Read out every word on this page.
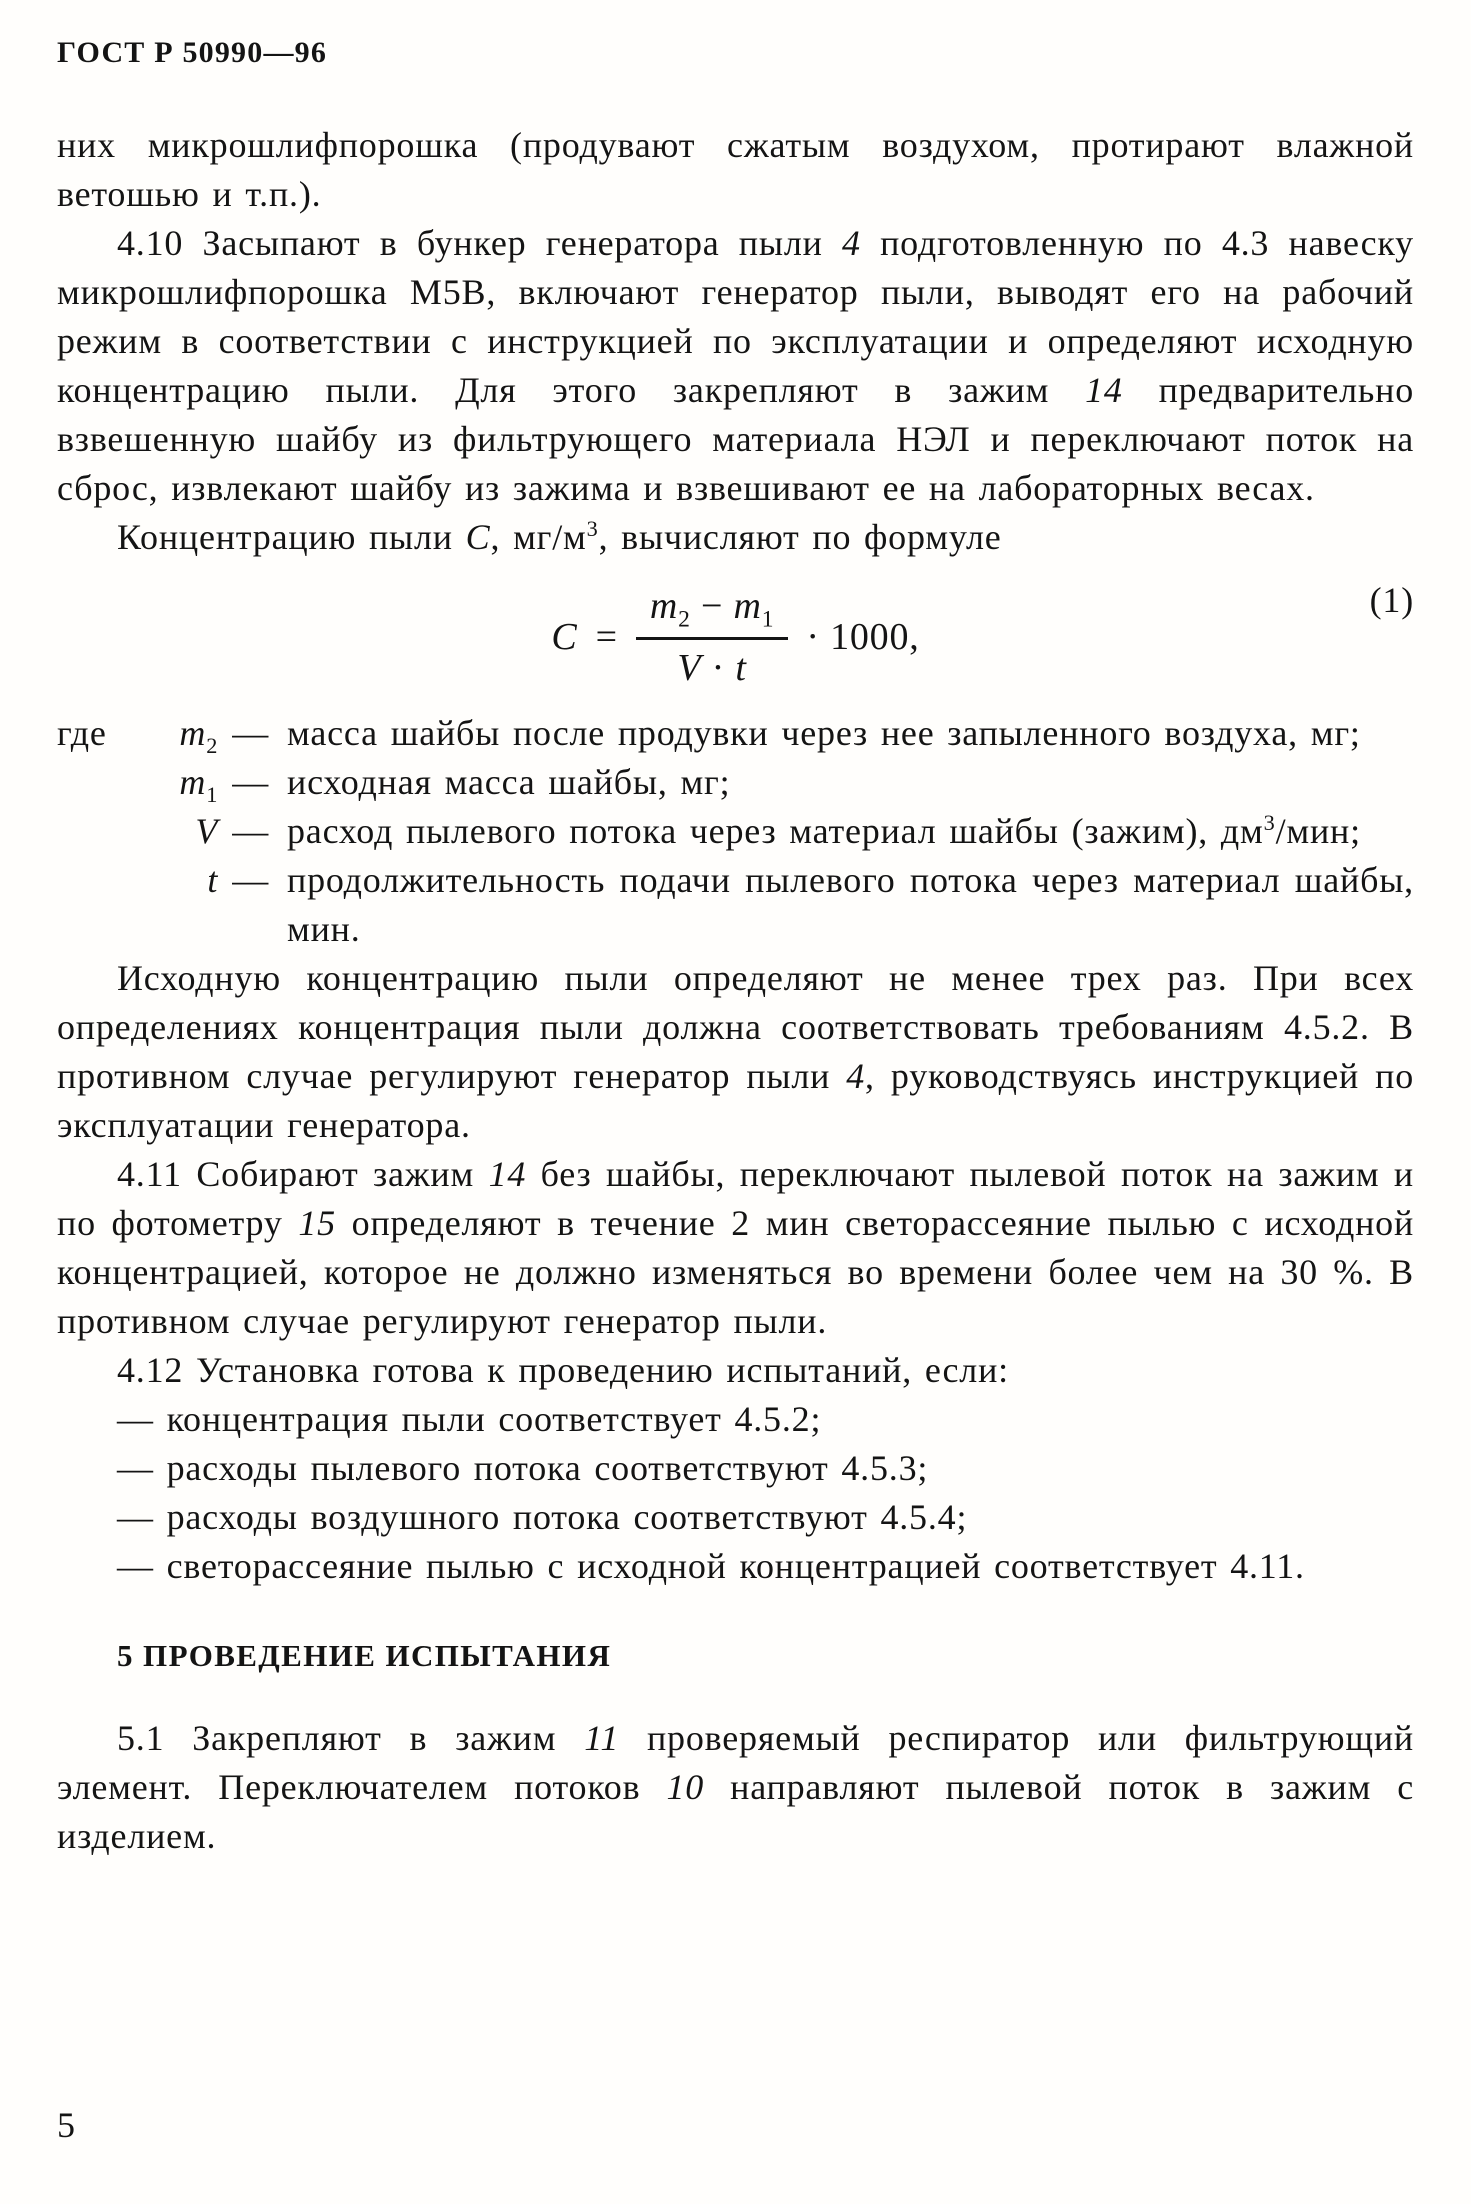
ГОСТ Р 50990—96

них микрошлифпорошка (продувают сжатым воздухом, протирают влажной ветошью и т.п.).

4.10 Засыпают в бункер генератора пыли 4 подготовленную по 4.3 навеску микрошлифпорошка М5В, включают генератор пыли, выводят его на рабочий режим в соответствии с инструкцией по эксплуатации и определяют исходную концентрацию пыли. Для этого закрепляют в зажим 14 предварительно взвешенную шайбу из фильтрующего материала НЭЛ и переключают поток на сброс, извлекают шайбу из зажима и взвешивают ее на лабораторных весах.

Концентрацию пыли C, $мг/м^3$, вычисляют по формуле

$C = \frac{m_2 - m_1}{V \cdot t} \cdot 1000$,
(1)
где $m_2$ — масса шайбы после продувки через нее запыленного воздуха, мг;
$m_1$ — исходная масса шайбы, мг;
V — расход пылевого потока через материал шайбы (зажим), $дм^3$/мин;
t — продолжительность подачи пылевого потока через материал шайбы, мин.

Исходную концентрацию пыли определяют не менее трех раз. При всех определениях концентрация пыли должна соответствовать требованиям 4.5.2. В противном случае регулируют генератор пыли 4, руководствуясь инструкцией по эксплуатации генератора.

4.11 Собирают зажим 14 без шайбы, переключают пылевой поток на зажим и по фотометру 15 определяют в течение 2 мин светорассеяние пылью с исходной концентрацией, которое не должно изменяться во времени более чем на 30 %. В противном случае регулируют генератор пыли.

4.12 Установка готова к проведению испытаний, если:

— концентрация пыли соответствует 4.5.2;

— расходы пылевого потока соответствуют 4.5.3;

— расходы воздушного потока соответствуют 4.5.4;

— светорассеяние пылью с исходной концентрацией соответствует 4.11.

5 ПРОВЕДЕНИЕ ИСПЫТАНИЯ

5.1 Закрепляют в зажим 11 проверяемый респиратор или фильтрующий элемент. Переключателем потоков 10 направляют пылевой поток в зажим с изделием.

5
